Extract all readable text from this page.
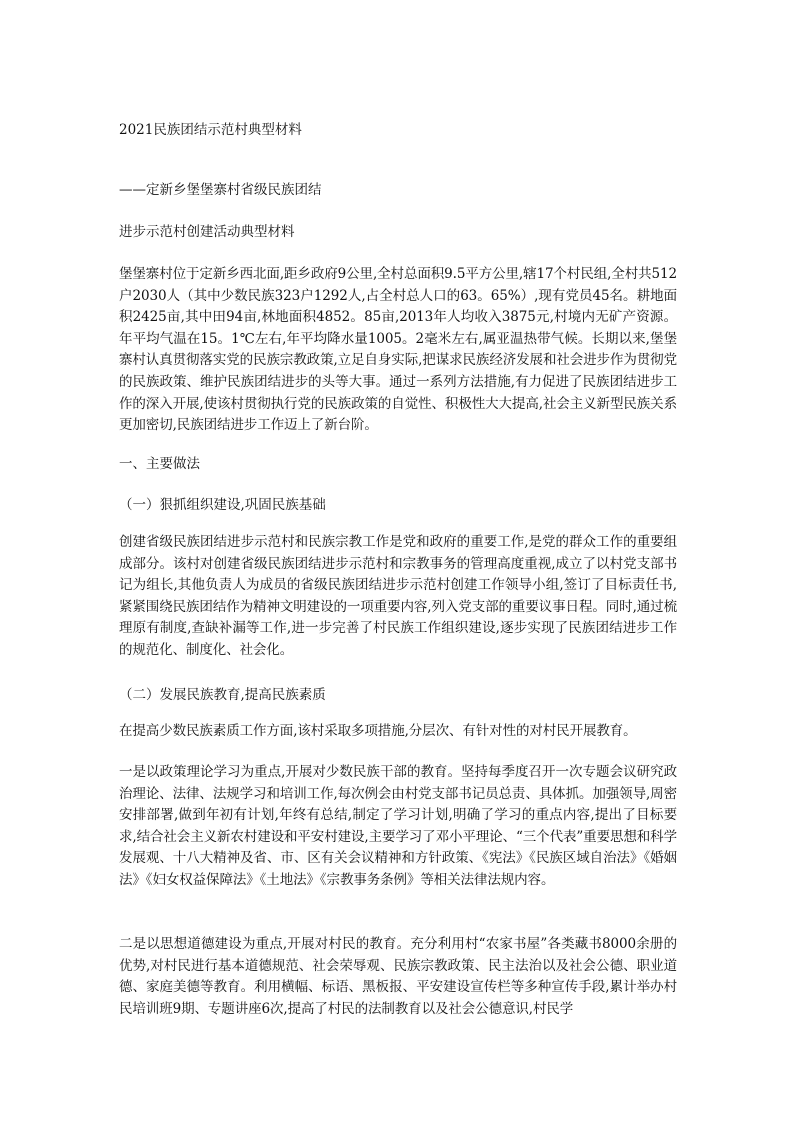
2021民族团结示范村典型材料
——定新乡堡堡寨村省级民族团结
进步示范村创建活动典型材料
堡堡寨村位于定新乡西北面,距乡政府9公里,全村总面积9.5平方公里,辖17个村民组,全村共512户2030人（其中少数民族323户1292人,占全村总人口的63。65%）,现有党员45名。耕地面积2425亩,其中田94亩,林地面积4852。85亩,2013年人均收入3875元,村境内无矿产资源。年平均气温在15。1℃左右,年平均降水量1005。2毫米左右,属亚温热带气候。长期以来,堡堡寨村认真贯彻落实党的民族宗教政策,立足自身实际,把谋求民族经济发展和社会进步作为贯彻党的民族政策、维护民族团结进步的头等大事。通过一系列方法措施,有力促进了民族团结进步工作的深入开展,使该村贯彻执行党的民族政策的自觉性、积极性大大提高,社会主义新型民族关系更加密切,民族团结进步工作迈上了新台阶。
一、主要做法
（一）狠抓组织建设,巩固民族基础
创建省级民族团结进步示范村和民族宗教工作是党和政府的重要工作,是党的群众工作的重要组成部分。该村对创建省级民族团结进步示范村和宗教事务的管理高度重视,成立了以村党支部书记为组长,其他负责人为成员的省级民族团结进步示范村创建工作领导小组,签订了目标责任书,紧紧围绕民族团结作为精神文明建设的一项重要内容,列入党支部的重要议事日程。同时,通过梳理原有制度,查缺补漏等工作,进一步完善了村民族工作组织建设,逐步实现了民族团结进步工作的规范化、制度化、社会化。
（二）发展民族教育,提高民族素质
在提高少数民族素质工作方面,该村采取多项措施,分层次、有针对性的对村民开展教育。
一是以政策理论学习为重点,开展对少数民族干部的教育。坚持每季度召开一次专题会议研究政治理论、法律、法规学习和培训工作,每次例会由村党支部书记员总责、具体抓。加强领导,周密安排部署,做到年初有计划,年终有总结,制定了学习计划,明确了学习的重点内容,提出了目标要求,结合社会主义新农村建设和平安村建设,主要学习了邓小平理论、“三个代表”重要思想和科学发展观、十八大精神及省、市、区有关会议精神和方针政策、《宪法》《民族区域自治法》《婚姻法》《妇女权益保障法》《土地法》《宗教事务条例》等相关法律法规内容。
二是以思想道德建设为重点,开展对村民的教育。充分利用村“农家书屋”各类藏书8000余册的优势,对村民进行基本道德规范、社会荣辱观、民族宗教政策、民主法治以及社会公德、职业道德、家庭美德等教育。利用横幅、标语、黑板报、平安建设宣传栏等多种宣传手段,累计举办村民培训班9期、专题讲座6次,提高了村民的法制教育以及社会公德意识,村民学
